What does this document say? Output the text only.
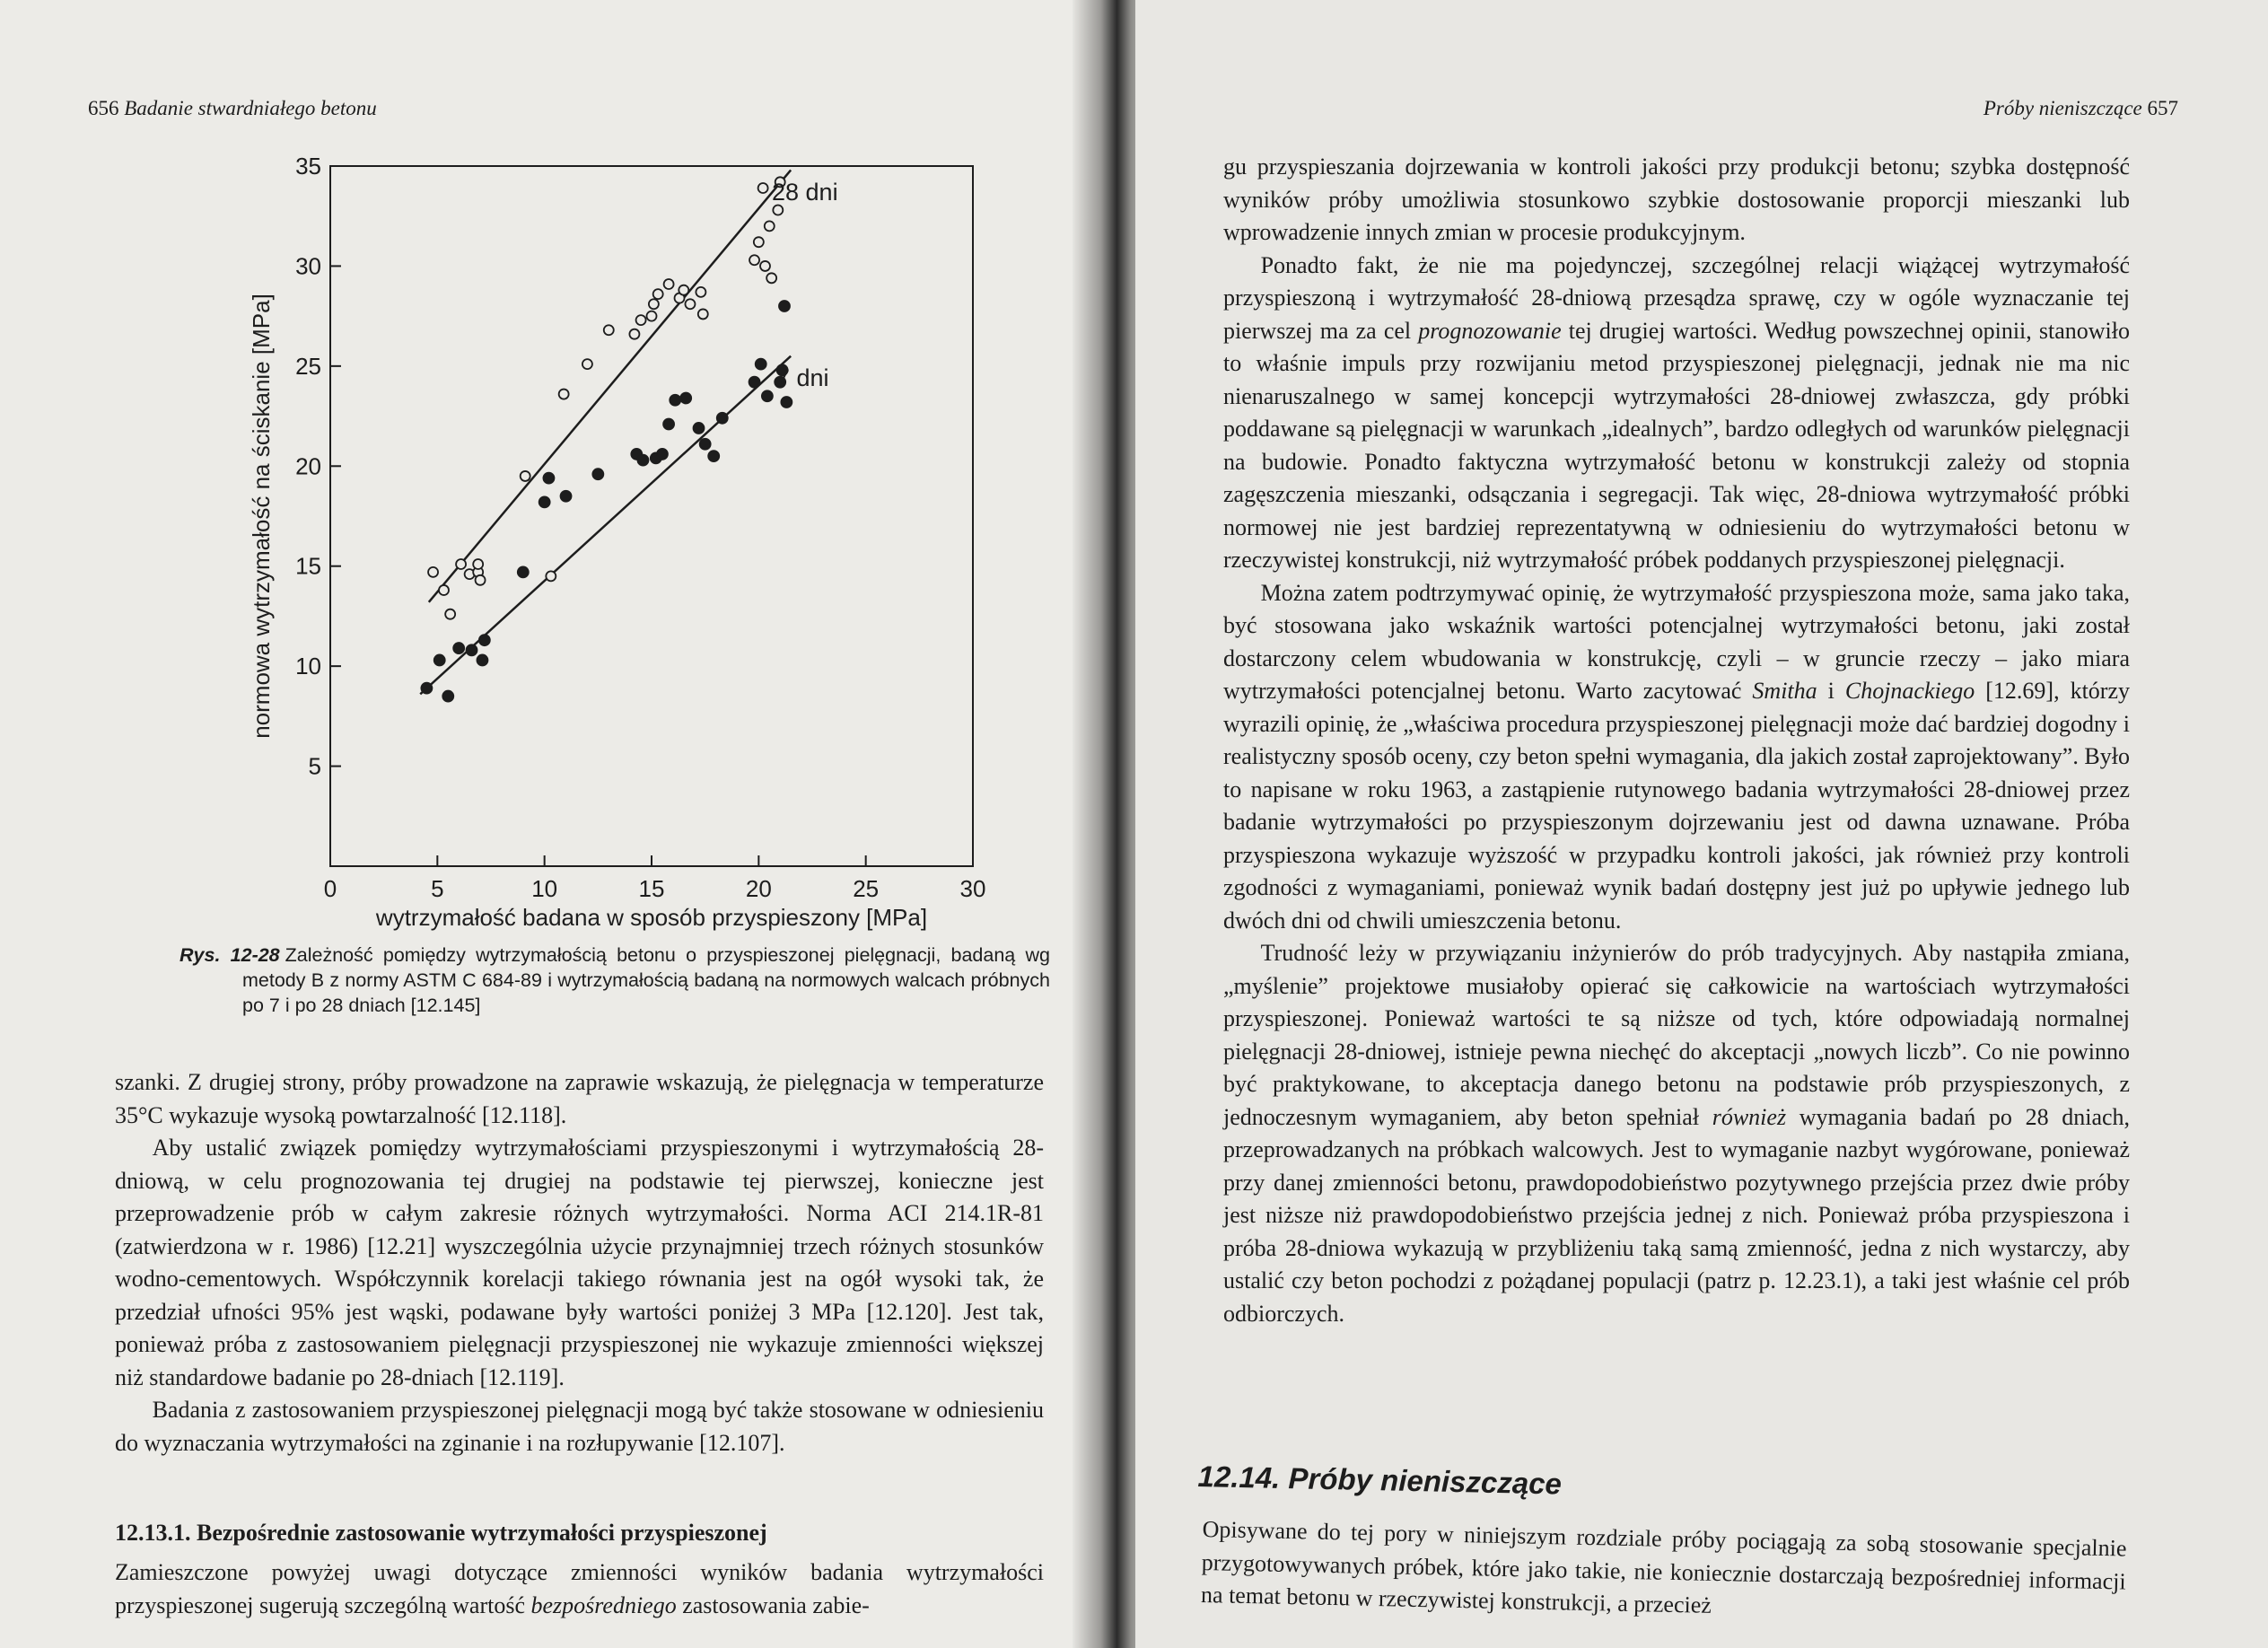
656 Badanie stwardniałego betonu
0	5	10	15	20	25	30
5
10
15
20
25
30
35
28 dni
7 dni
wytrzymałość badana w sposób przyspieszony [MPa]
normowa wytrzymałość na ściskanie [MPa]
Rys. 12-28 Zależność pomiędzy wytrzymałością betonu o przyspieszonej pielęgnacji, badaną wg metody B z normy ASTM C 684-89 i wytrzymałością badaną na normowych walcach próbnych po 7 i po 28 dniach [12.145]

szanki. Z drugiej strony, próby prowadzone na zaprawie wskazują, że pielęgnacja w temperaturze 35°C wykazuje wysoką powtarzalność [12.118].

Aby ustalić związek pomiędzy wytrzymałościami przyspieszonymi i wytrzymałością 28-dniową, w celu prognozowania tej drugiej na podstawie tej pierwszej, konieczne jest przeprowadzenie prób w całym zakresie różnych wytrzymałości. Norma ACI 214.1R-81 (zatwierdzona w r. 1986) [12.21] wyszczególnia użycie przynajmniej trzech różnych stosunków wodno-cementowych. Współczynnik korelacji takiego równania jest na ogół wysoki tak, że przedział ufności 95% jest wąski, podawane były wartości poniżej 3 MPa [12.120]. Jest tak, ponieważ próba z zastosowaniem pielęgnacji przyspieszonej nie wykazuje zmienności większej niż standardowe badanie po 28-dniach [12.119].

Badania z zastosowaniem przyspieszonej pielęgnacji mogą być także stosowane w odniesieniu do wyznaczania wytrzymałości na zginanie i na rozłupywanie [12.107].

12.13.1. Bezpośrednie zastosowanie wytrzymałości przyspieszonej

Zamieszczone powyżej uwagi dotyczące zmienności wyników badania wytrzymałości przyspieszonej sugerują szczególną wartość bezpośredniego zastosowania zabie-

Próby nieniszczące 657

gu przyspieszania dojrzewania w kontroli jakości przy produkcji betonu; szybka dostępność wyników próby umożliwia stosunkowo szybkie dostosowanie proporcji mieszanki lub wprowadzenie innych zmian w procesie produkcyjnym.

Ponadto fakt, że nie ma pojedynczej, szczególnej relacji wiążącej wytrzymałość przyspieszoną i wytrzymałość 28-dniową przesądza sprawę, czy w ogóle wyznaczanie tej pierwszej ma za cel prognozowanie tej drugiej wartości. Według powszechnej opinii, stanowiło to właśnie impuls przy rozwijaniu metod przyspieszonej pielęgnacji, jednak nie ma nic nienaruszalnego w samej koncepcji wytrzymałości 28-dniowej zwłaszcza, gdy próbki poddawane są pielęgnacji w warunkach „idealnych”, bardzo odległych od warunków pielęgnacji na budowie. Ponadto faktyczna wytrzymałość betonu w konstrukcji zależy od stopnia zagęszczenia mieszanki, odsączania i segregacji. Tak więc, 28-dniowa wytrzymałość próbki normowej nie jest bardziej reprezentatywną w odniesieniu do wytrzymałości betonu w rzeczywistej konstrukcji, niż wytrzymałość próbek poddanych przyspieszonej pielęgnacji.

Można zatem podtrzymywać opinię, że wytrzymałość przyspieszona może, sama jako taka, być stosowana jako wskaźnik wartości potencjalnej wytrzymałości betonu, jaki został dostarczony celem wbudowania w konstrukcję, czyli – w gruncie rzeczy – jako miara wytrzymałości potencjalnej betonu. Warto zacytować Smitha i Chojnackiego [12.69], którzy wyrazili opinię, że „właściwa procedura przyspieszonej pielęgnacji może dać bardziej dogodny i realistyczny sposób oceny, czy beton spełni wymagania, dla jakich został zaprojektowany”. Było to napisane w roku 1963, a zastąpienie rutynowego badania wytrzymałości 28-dniowej przez badanie wytrzymałości po przyspieszonym dojrzewaniu jest od dawna uznawane. Próba przyspieszona wykazuje wyższość w przypadku kontroli jakości, jak również przy kontroli zgodności z wymaganiami, ponieważ wynik badań dostępny jest już po upływie jednego lub dwóch dni od chwili umieszczenia betonu.

Trudność leży w przywiązaniu inżynierów do prób tradycyjnych. Aby nastąpiła zmiana, „myślenie” projektowe musiałoby opierać się całkowicie na wartościach wytrzymałości przyspieszonej. Ponieważ wartości te są niższe od tych, które odpowiadają normalnej pielęgnacji 28-dniowej, istnieje pewna niechęć do akceptacji „nowych liczb”. Co nie powinno być praktykowane, to akceptacja danego betonu na podstawie prób przyspieszonych, z jednoczesnym wymaganiem, aby beton spełniał również wymagania badań po 28 dniach, przeprowadzanych na próbkach walcowych. Jest to wymaganie nazbyt wygórowane, ponieważ przy danej zmienności betonu, prawdopodobieństwo pozytywnego przejścia przez dwie próby jest niższe niż prawdopodobieństwo przejścia jednej z nich. Ponieważ próba przyspieszona i próba 28-dniowa wykazują w przybliżeniu taką samą zmienność, jedna z nich wystarczy, aby ustalić czy beton pochodzi z pożądanej populacji (patrz p. 12.23.1), a taki jest właśnie cel prób odbiorczych.

12.14. Próby nieniszczące

Opisywane do tej pory w niniejszym rozdziale próby pociągają za sobą stosowanie specjalnie przygotowywanych próbek, które jako takie, nie koniecznie dostarczają bezpośredniej informacji na temat betonu w rzeczywistej konstrukcji, a przecież
